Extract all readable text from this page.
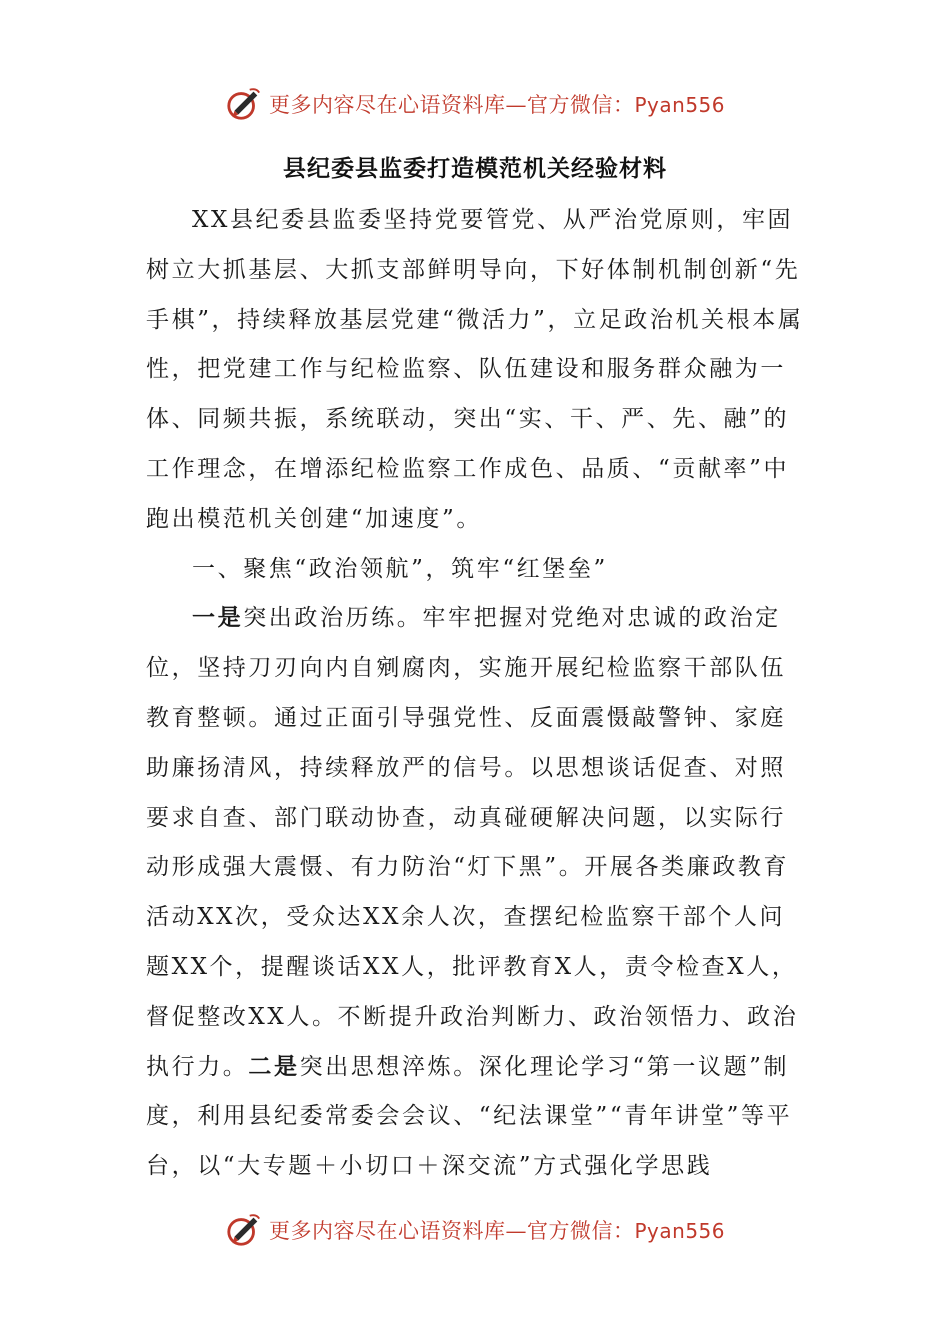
更多内容尽在心语资料库—官方微信：Pyan556
县纪委县监委打造模范机关经验材料

XX县纪委县监委坚持党要管党、从严治党原则，牢固树立大抓基层、大抓支部鲜明导向，下好体制机制创新“先手棋”，持续释放基层党建“微活力”，立足政治机关根本属性，把党建工作与纪检监察、队伍建设和服务群众融为一体、同频共振，系统联动，突出“实、干、严、先、融”的工作理念，在增添纪检监察工作成色、品质、“贡献率”中跑出模范机关创建“加速度”。

一、聚焦“政治领航”，筑牢“红堡垒”

一是突出政治历练。牢牢把握对党绝对忠诚的政治定位，坚持刀刃向内自剜腐肉，实施开展纪检监察干部队伍教育整顿。通过正面引导强党性、反面震慑敲警钟、家庭助廉扬清风，持续释放严的信号。以思想谈话促查、对照要求自查、部门联动协查，动真碰硬解决问题，以实际行动形成强大震慑、有力防治“灯下黑”。开展各类廉政教育活动XX次，受众达XX余人次，查摆纪检监察干部个人问题XX个，提醒谈话XX人，批评教育X人，责令检查X人，督促整改XX人。不断提升政治判断力、政治领悟力、政治执行力。二是突出思想淬炼。深化理论学习“第一议题”制度，利用县纪委常委会会议、“纪法课堂”“青年讲堂”等平台，以“大专题＋小切口＋深交流”方式强化学思践

更多内容尽在心语资料库—官方微信：Pyan556
